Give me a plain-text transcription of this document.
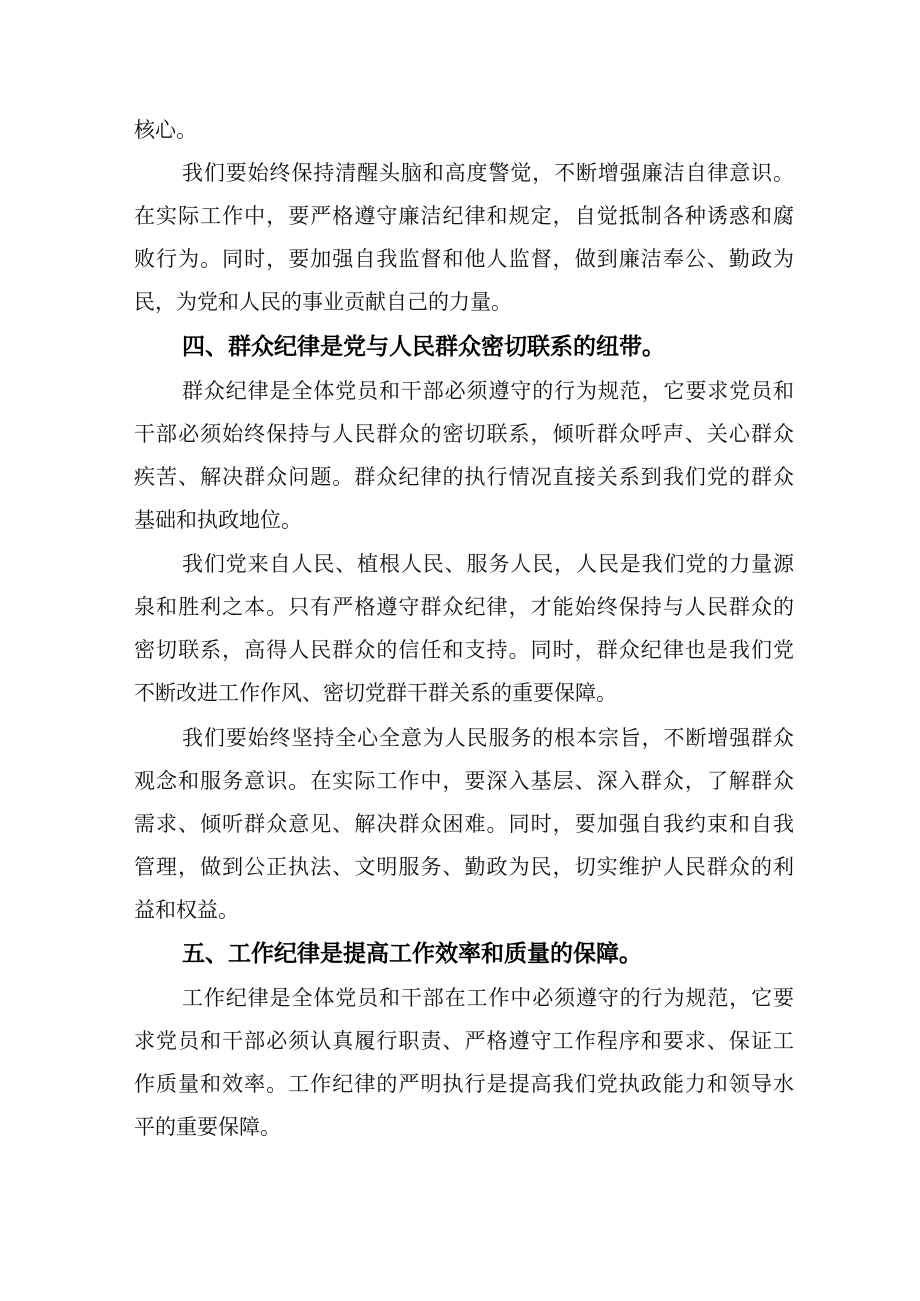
核心。
我们要始终保持清醒头脑和高度警觉，不断增强廉洁自律意识。
在实际工作中，要严格遵守廉洁纪律和规定，自觉抵制各种诱惑和腐
败行为。同时，要加强自我监督和他人监督，做到廉洁奉公、勤政为
民，为党和人民的事业贡献自己的力量。
四、群众纪律是党与人民群众密切联系的纽带。
群众纪律是全体党员和干部必须遵守的行为规范，它要求党员和
干部必须始终保持与人民群众的密切联系，倾听群众呼声、关心群众
疾苦、解决群众问题。群众纪律的执行情况直接关系到我们党的群众
基础和执政地位。
我们党来自人民、植根人民、服务人民，人民是我们党的力量源
泉和胜利之本。只有严格遵守群众纪律，才能始终保持与人民群众的
密切联系，高得人民群众的信任和支持。同时，群众纪律也是我们党
不断改进工作作风、密切党群干群关系的重要保障。
我们要始终坚持全心全意为人民服务的根本宗旨，不断增强群众
观念和服务意识。在实际工作中，要深入基层、深入群众，了解群众
需求、倾听群众意见、解决群众困难。同时，要加强自我约束和自我
管理，做到公正执法、文明服务、勤政为民，切实维护人民群众的利
益和权益。
五、工作纪律是提高工作效率和质量的保障。
工作纪律是全体党员和干部在工作中必须遵守的行为规范，它要
求党员和干部必须认真履行职责、严格遵守工作程序和要求、保证工
作质量和效率。工作纪律的严明执行是提高我们党执政能力和领导水
平的重要保障。
